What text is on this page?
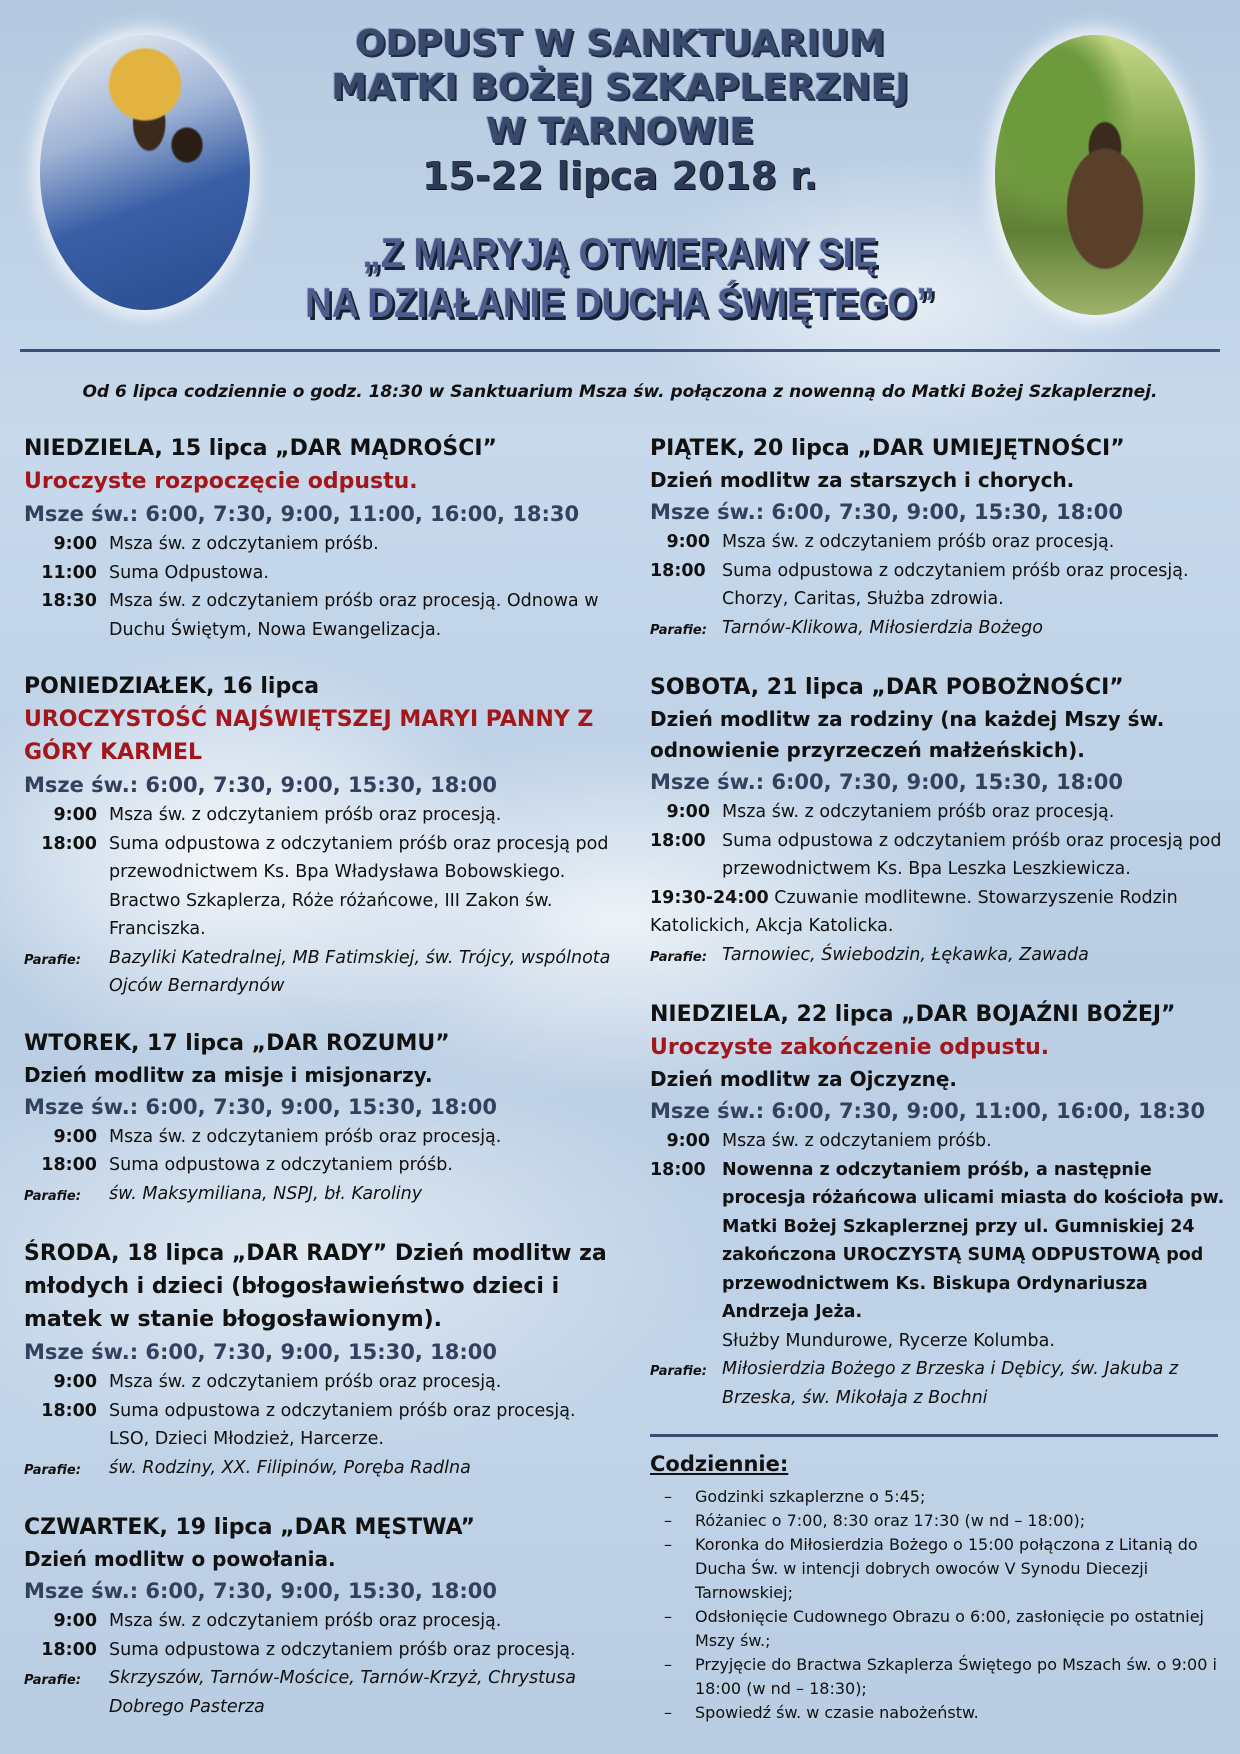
ODPUST W SANKTUARIUM
MATKI BOŻEJ SZKAPLERZNEJ
W TARNOWIE
15-22 lipca 2018 r.
„Z MARYJĄ OTWIERAMY SIĘ
NA DZIAŁANIE DUCHA ŚWIĘTEGO”
Od 6 lipca codziennie o godz. 18:30 w Sanktuarium Msza św. połączona z nowenną do Matki Bożej Szkaplerznej.
NIEDZIELA, 15 lipca „DAR MĄDROŚCI”
Uroczyste rozpoczęcie odpustu.
Msze św.: 6:00, 7:30, 9:00, 11:00, 16:00, 18:30
9:00 Msza św. z odczytaniem próśb.
11:00 Suma Odpustowa.
18:30 Msza św. z odczytaniem próśb oraz procesją. Odnowa w Duchu Świętym, Nowa Ewangelizacja.
PONIEDZIAŁEK, 16 lipca
UROCZYSTOŚĆ NAJŚWIĘTSZEJ MARYI PANNY Z GÓRY KARMEL
Msze św.: 6:00, 7:30, 9:00, 15:30, 18:00
9:00 Msza św. z odczytaniem próśb oraz procesją.
18:00 Suma odpustowa z odczytaniem próśb oraz procesją pod przewodnictwem Ks. Bpa Władysława Bobowskiego. Bractwo Szkaplerza, Róże różańcowe, III Zakon św. Franciszka.
Parafie:	Bazyliki Katedralnej, MB Fatimskiej, św. Trójcy, wspólnota Ojców Bernardynów
WTOREK, 17 lipca „DAR ROZUMU”
Dzień modlitw za misje i misjonarzy.
Msze św.: 6:00, 7:30, 9:00, 15:30, 18:00
9:00 Msza św. z odczytaniem próśb oraz procesją.
18:00 Suma odpustowa z odczytaniem próśb.
Parafie:	św. Maksymiliana, NSPJ, bł. Karoliny
ŚRODA, 18 lipca „DAR RADY” Dzień modlitw za młodych i dzieci (błogosławieństwo dzieci i matek w stanie błogosławionym).
Msze św.: 6:00, 7:30, 9:00, 15:30, 18:00
9:00 Msza św. z odczytaniem próśb oraz procesją.
18:00 Suma odpustowa z odczytaniem próśb oraz procesją. LSO, Dzieci Młodzież, Harcerze.
Parafie:	św. Rodziny, XX. Filipinów, Poręba Radlna
CZWARTEK, 19 lipca „DAR MĘSTWA”
Dzień modlitw o powołania.
Msze św.: 6:00, 7:30, 9:00, 15:30, 18:00
9:00 Msza św. z odczytaniem próśb oraz procesją.
18:00 Suma odpustowa z odczytaniem próśb oraz procesją.
Parafie:	Skrzyszów, Tarnów-Mościce, Tarnów-Krzyż, Chrystusa Dobrego Pasterza
PIĄTEK, 20 lipca „DAR UMIEJĘTNOŚCI”
Dzień modlitw za starszych i chorych.
Msze św.: 6:00, 7:30, 9:00, 15:30, 18:00
9:00 Msza św. z odczytaniem próśb oraz procesją.
18:00 Suma odpustowa z odczytaniem próśb oraz procesją. Chorzy, Caritas, Służba zdrowia.
Parafie: Tarnów-Klikowa, Miłosierdzia Bożego
SOBOTA, 21 lipca „DAR POBOŻNOŚCI”
Dzień modlitw za rodziny (na każdej Mszy św. odnowienie przyrzeczeń małżeńskich).
Msze św.: 6:00, 7:30, 9:00, 15:30, 18:00
9:00 Msza św. z odczytaniem próśb oraz procesją.
18:00 Suma odpustowa z odczytaniem próśb oraz procesją pod przewodnictwem Ks. Bpa Leszka Leszkiewicza.
19:30-24:00 Czuwanie modlitewne. Stowarzyszenie Rodzin Katolickich, Akcja Katolicka.
Parafie: Tarnowiec, Świebodzin, Łękawka, Zawada
NIEDZIELA, 22 lipca „DAR BOJAŹNI BOŻEJ”
Uroczyste zakończenie odpustu.
Dzień modlitw za Ojczyznę.
Msze św.: 6:00, 7:30, 9:00, 11:00, 16:00, 18:30
9:00 Msza św. z odczytaniem próśb.
18:00 Nowenna z odczytaniem próśb, a następnie procesja różańcowa ulicami miasta do kościoła pw. Matki Bożej Szkaplerznej przy ul. Gumniskiej 24 zakończona UROCZYSTĄ SUMĄ ODPUSTOWĄ pod przewodnictwem Ks. Biskupa Ordynariusza Andrzeja Jeża.
Służby Mundurowe, Rycerze Kolumba.
Parafie: Miłosierdzia Bożego z Brzeska i Dębicy, św. Jakuba z Brzeska, św. Mikołaja z Bochni
Codziennie:
– Godzinki szkaplerzne o 5:45;
– Różaniec o 7:00, 8:30 oraz 17:30 (w nd – 18:00);
– Koronka do Miłosierdzia Bożego o 15:00 połączona z Litanią do Ducha Św. w intencji dobrych owoców V Synodu Diecezji Tarnowskiej;
– Odsłonięcie Cudownego Obrazu o 6:00, zasłonięcie po ostatniej Mszy św.;
– Przyjęcie do Bractwa Szkaplerza Świętego po Mszach św. o 9:00 i 18:00 (w nd – 18:30);
– Spowiedź św. w czasie nabożeństw.
